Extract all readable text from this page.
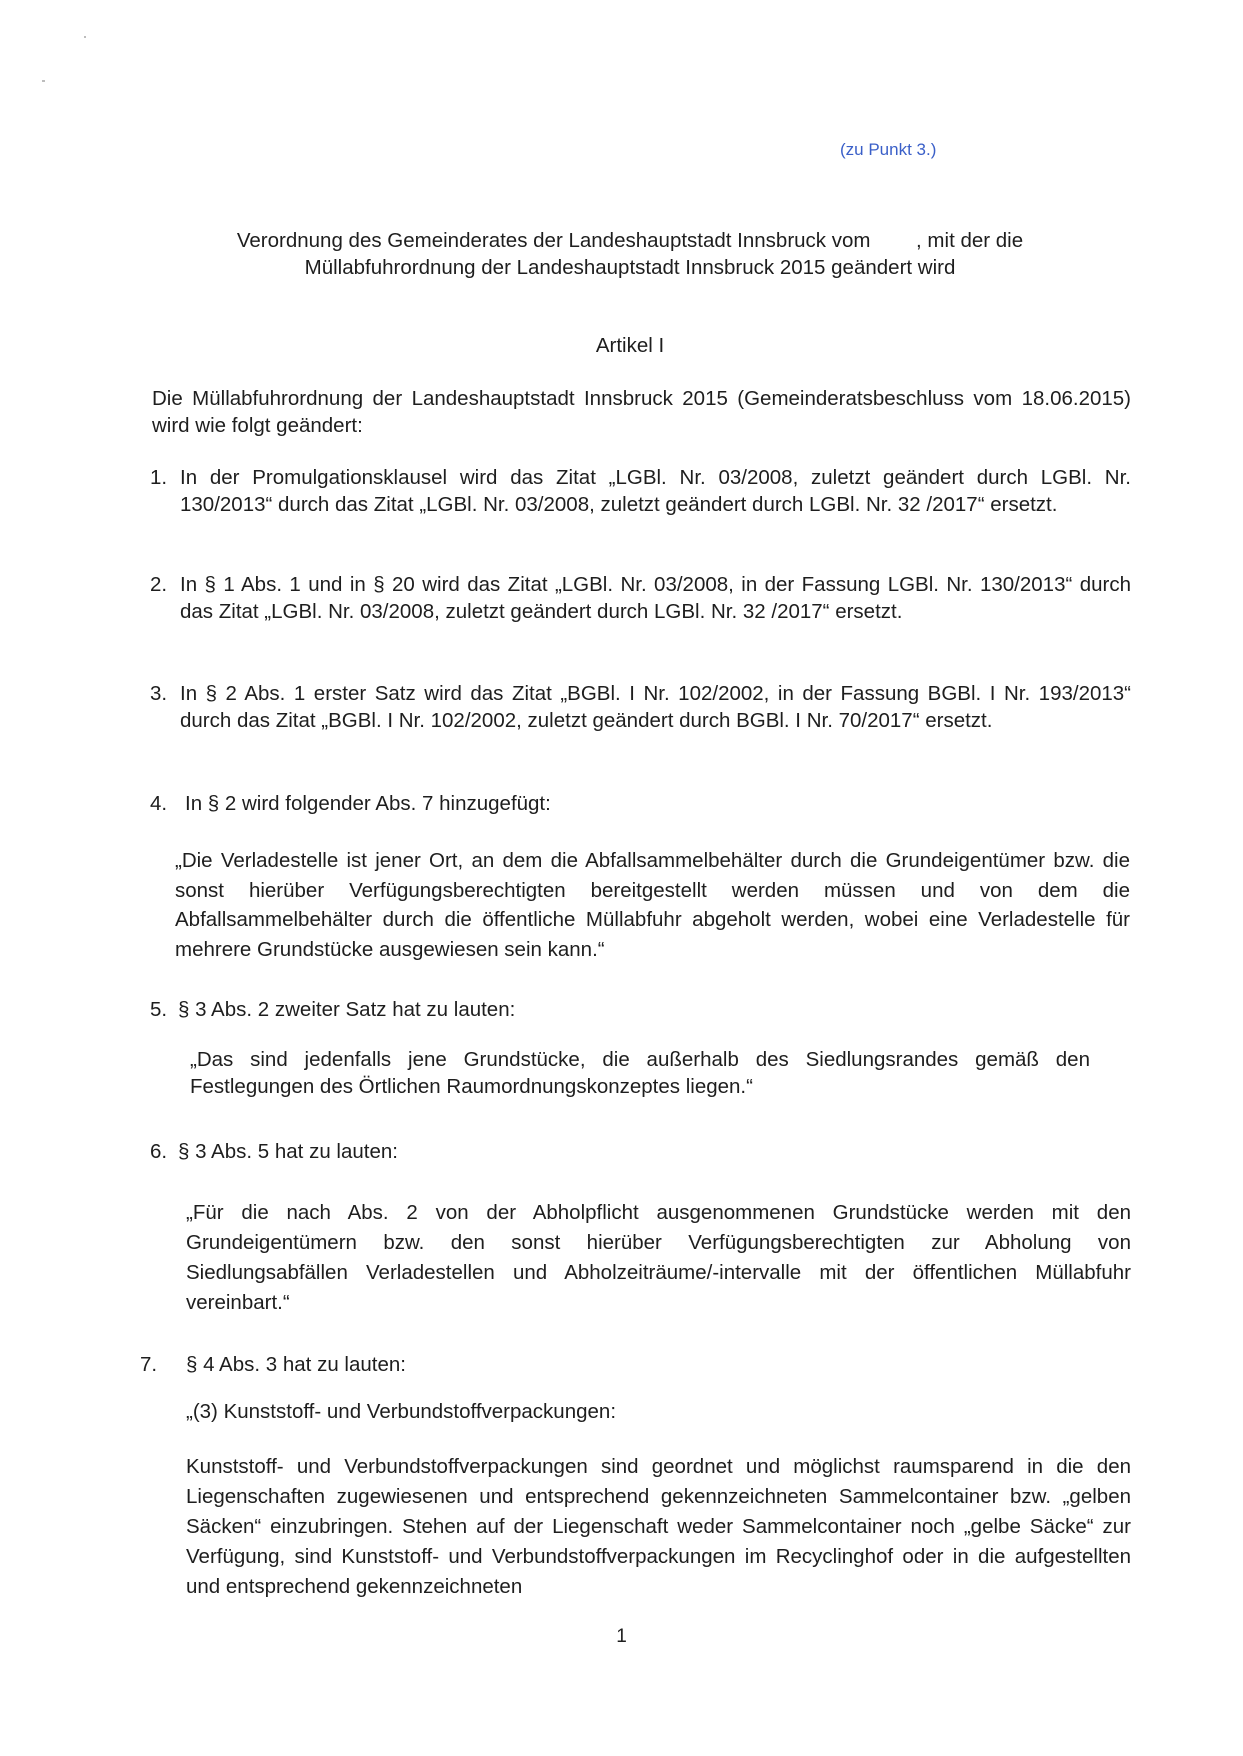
(zu Punkt 3.)
Verordnung des Gemeinderates der Landeshauptstadt Innsbruck vom        , mit der die
Müllabfuhrordnung der Landeshauptstadt Innsbruck 2015 geändert wird
Artikel I

Die Müllabfuhrordnung der Landeshauptstadt Innsbruck 2015 (Gemeinderatsbeschluss vom 18.06.2015) wird wie folgt geändert:

1. In der Promulgationsklausel wird das Zitat „LGBl. Nr. 03/2008, zuletzt geändert durch LGBl. Nr. 130/2013“ durch das Zitat „LGBl. Nr. 03/2008, zuletzt geändert durch LGBl. Nr. 32 /2017“ ersetzt.

2. In § 1 Abs. 1 und in § 20 wird das Zitat „LGBl. Nr. 03/2008, in der Fassung LGBl. Nr. 130/2013“ durch das Zitat „LGBl. Nr. 03/2008, zuletzt geändert durch LGBl. Nr. 32 /2017“ ersetzt.

3. In § 2 Abs. 1 erster Satz wird das Zitat „BGBl. I Nr. 102/2002, in der Fassung BGBl. I Nr. 193/2013“ durch das Zitat „BGBl. I Nr. 102/2002, zuletzt geändert durch BGBl. I Nr. 70/2017“ ersetzt.

4. In § 2 wird folgender Abs. 7 hinzugefügt:

„Die Verladestelle ist jener Ort, an dem die Abfallsammelbehälter durch die Grundeigentümer bzw. die sonst hierüber Verfügungsberechtigten bereitgestellt werden müssen und von dem die Abfallsammelbehälter durch die öffentliche Müllabfuhr abgeholt werden, wobei eine Verladestelle für mehrere Grundstücke ausgewiesen sein kann.“

5. § 3 Abs. 2 zweiter Satz hat zu lauten:

„Das sind jedenfalls jene Grundstücke, die außerhalb des Siedlungsrandes gemäß den Festlegungen des Örtlichen Raumordnungskonzeptes liegen.“

6. § 3 Abs. 5 hat zu lauten:

„Für die nach Abs. 2 von der Abholpflicht ausgenommenen Grundstücke werden mit den Grundeigentümern bzw. den sonst hierüber Verfügungsberechtigten zur Abholung von Siedlungsabfällen Verladestellen und Abholzeiträume/-intervalle mit der öffentlichen Müllabfuhr vereinbart.“

7. § 4 Abs. 3 hat zu lauten:

„(3) Kunststoff- und Verbundstoffverpackungen:

Kunststoff- und Verbundstoffverpackungen sind geordnet und möglichst raumsparend in die den Liegenschaften zugewiesenen und entsprechend gekennzeichneten Sammelcontainer bzw. „gelben Säcken“ einzubringen. Stehen auf der Liegenschaft weder Sammelcontainer noch „gelbe Säcke“ zur Verfügung, sind Kunststoff- und Verbundstoffverpackungen im Recyclinghof oder in die aufgestellten und entsprechend gekennzeichneten

1
